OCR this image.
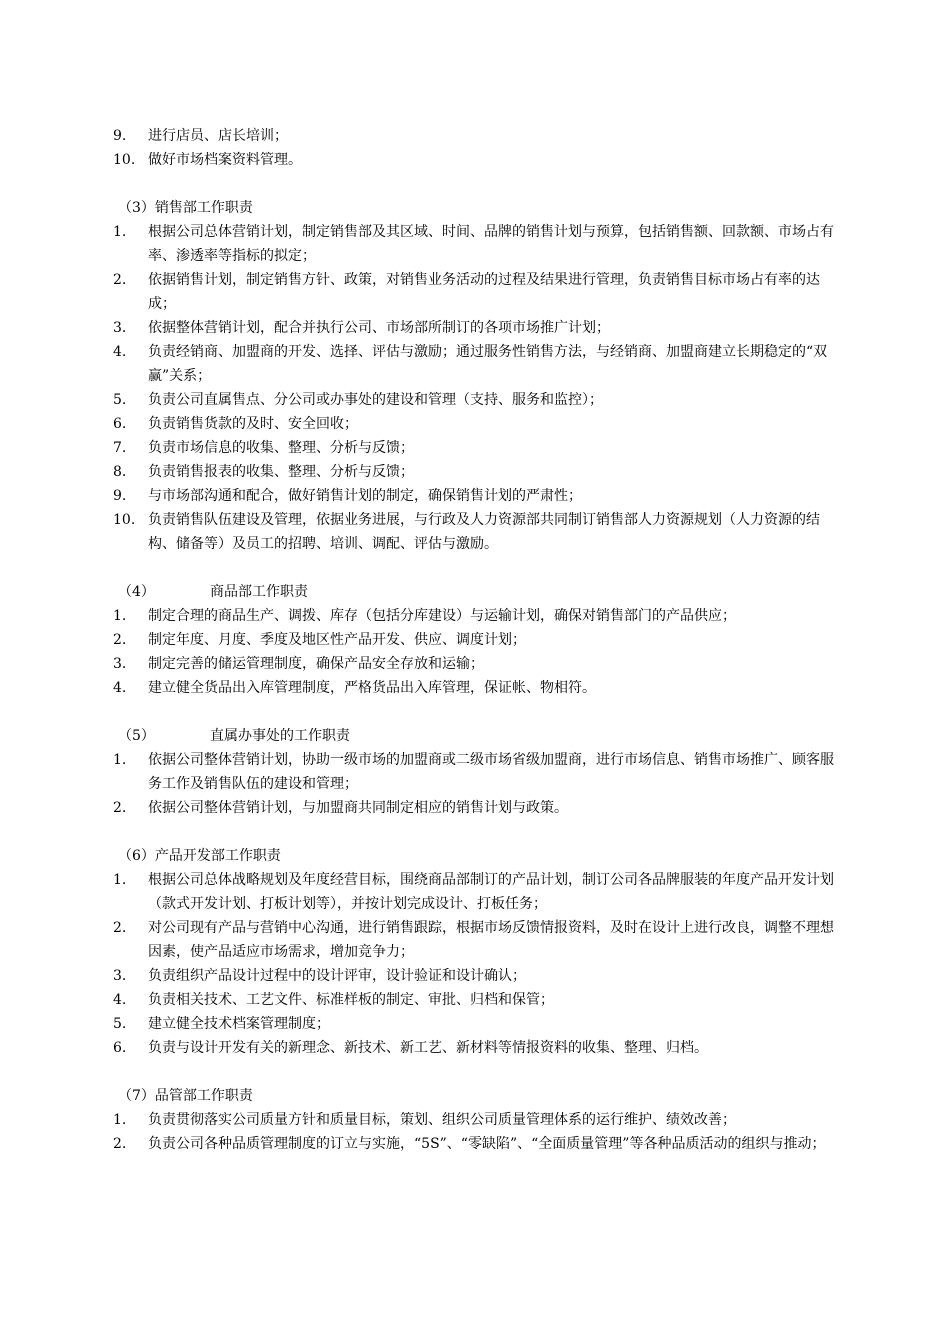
9.	进行店员、店长培训；
10. 做好市场档案资料管理。
（3）销售部工作职责
1.	根据公司总体营销计划，制定销售部及其区域、时间、品牌的销售计划与预算，包括销售额、回款额、市场占有率、渗透率等指标的拟定；
2.	依据销售计划，制定销售方针、政策，对销售业务活动的过程及结果进行管理，负责销售目标市场占有率的达成；
3.	依据整体营销计划，配合并执行公司、市场部所制订的各项市场推广计划；
4.	负责经销商、加盟商的开发、选择、评估与激励；通过服务性销售方法，与经销商、加盟商建立长期稳定的“双赢”关系；
5.	负责公司直属售点、分公司或办事处的建设和管理（支持、服务和监控）；
6.	负责销售货款的及时、安全回收；
7.	负责市场信息的收集、整理、分析与反馈；
8.	负责销售报表的收集、整理、分析与反馈；
9.	与市场部沟通和配合，做好销售计划的制定，确保销售计划的严肃性；
10. 负责销售队伍建设及管理，依据业务进展，与行政及人力资源部共同制订销售部人力资源规划（人力资源的结构、储备等）及员工的招聘、培训、调配、评估与激励。
（4）	商品部工作职责
1.	制定合理的商品生产、调拨、库存（包括分库建设）与运输计划，确保对销售部门的产品供应；
2.	制定年度、月度、季度及地区性产品开发、供应、调度计划；
3.	制定完善的储运管理制度，确保产品安全存放和运输；
4.	建立健全货品出入库管理制度，严格货品出入库管理，保证帐、物相符。
（5）	直属办事处的工作职责
1.	依据公司整体营销计划，协助一级市场的加盟商或二级市场省级加盟商，进行市场信息、销售市场推广、顾客服务工作及销售队伍的建设和管理；
2.	依据公司整体营销计划，与加盟商共同制定相应的销售计划与政策。
（6）产品开发部工作职责
1.	根据公司总体战略规划及年度经营目标，围绕商品部制订的产品计划，制订公司各品牌服装的年度产品开发计划（款式开发计划、打板计划等），并按计划完成设计、打板任务；
2.	对公司现有产品与营销中心沟通，进行销售跟踪，根据市场反馈情报资料，及时在设计上进行改良，调整不理想因素，使产品适应市场需求，增加竞争力；
3.	负责组织产品设计过程中的设计评审，设计验证和设计确认；
4.	负责相关技术、工艺文件、标准样板的制定、审批、归档和保管；
5.	建立健全技术档案管理制度；
6.	负责与设计开发有关的新理念、新技术、新工艺、新材料等情报资料的收集、整理、归档。
（7）品管部工作职责
1.	负责贯彻落实公司质量方针和质量目标，策划、组织公司质量管理体系的运行维护、绩效改善；
2.	负责公司各种品质管理制度的订立与实施，“5S”、“零缺陷”、“全面质量管理”等各种品质活动的组织与推动；
